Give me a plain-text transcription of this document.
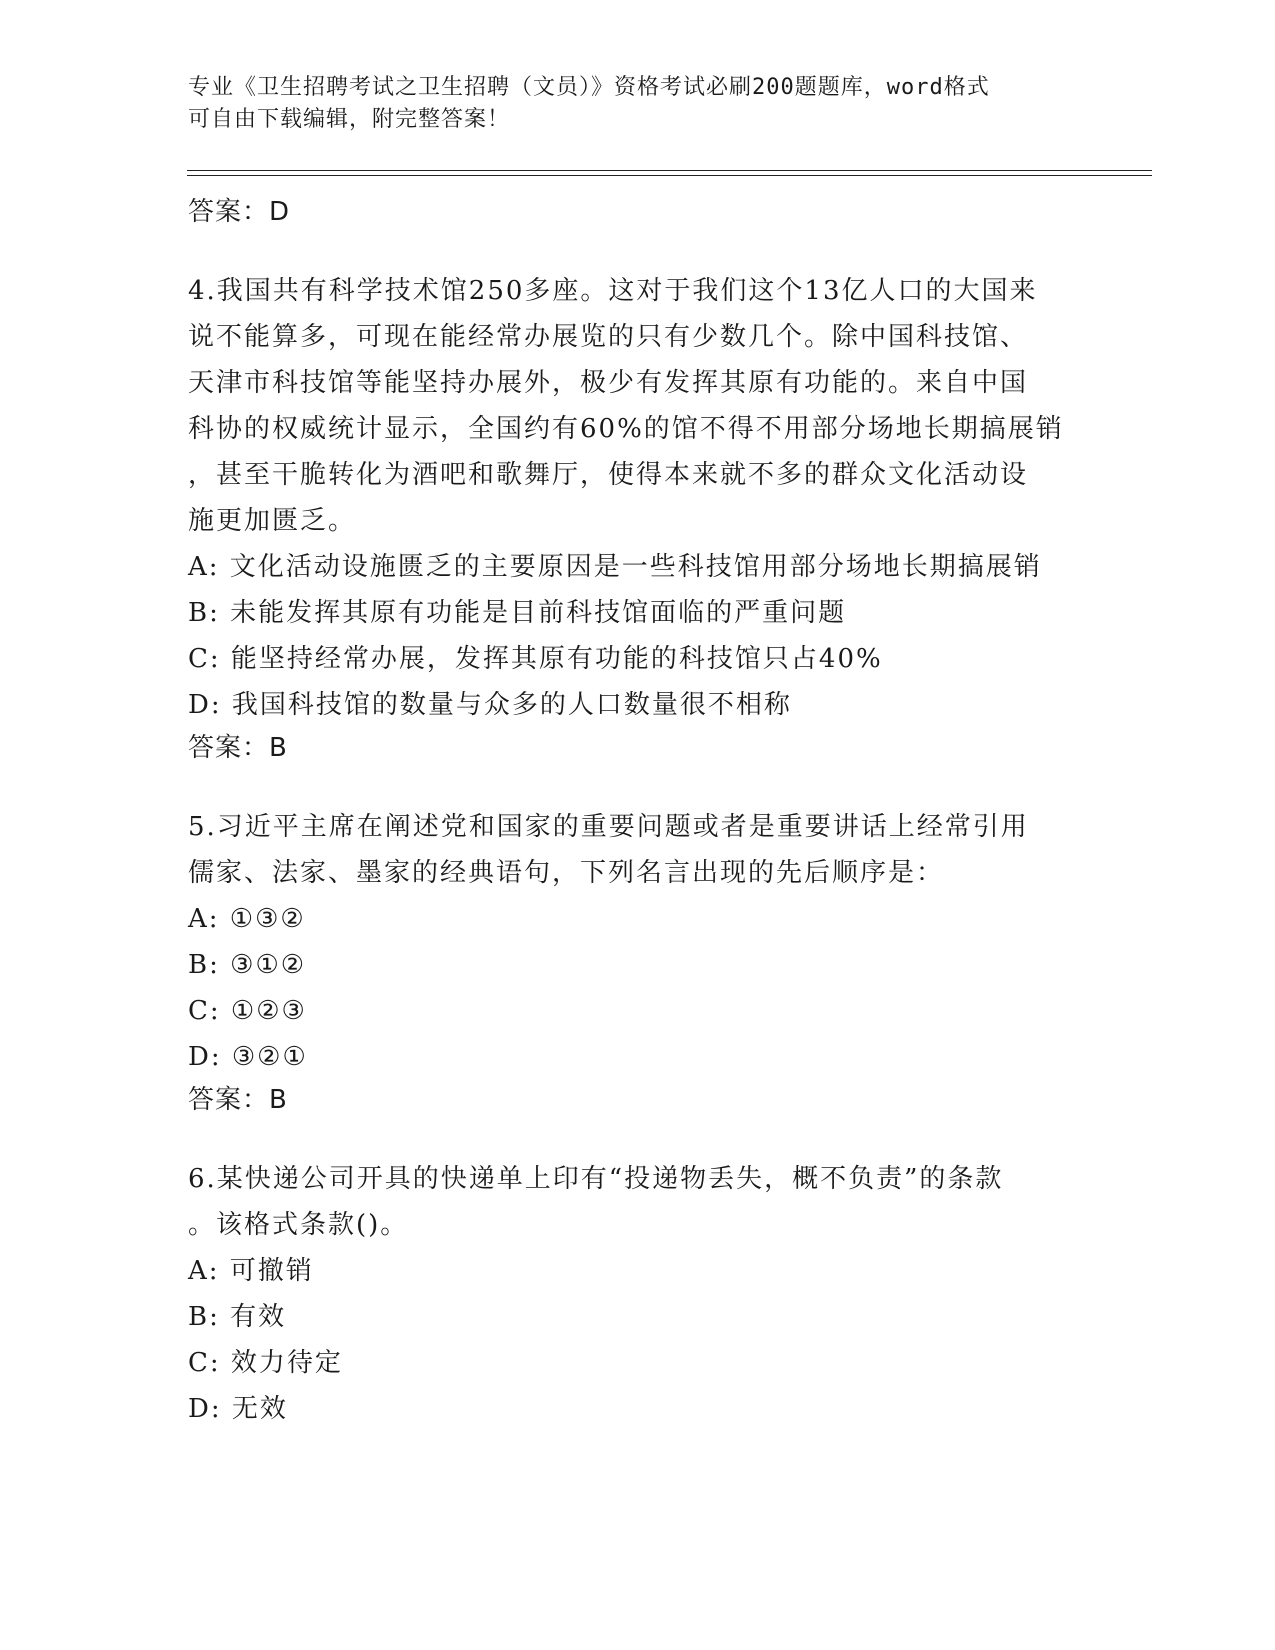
专业《卫生招聘考试之卫生招聘（文员）》资格考试必刷200题题库，word格式
可自由下载编辑，附完整答案！
答案：D
4.我国共有科学技术馆250多座。这对于我们这个13亿人口的大国来
说不能算多，可现在能经常办展览的只有少数几个。除中国科技馆、
天津市科技馆等能坚持办展外，极少有发挥其原有功能的。来自中国
科协的权威统计显示，全国约有60%的馆不得不用部分场地长期搞展销
，甚至干脆转化为酒吧和歌舞厅，使得本来就不多的群众文化活动设
施更加匮乏。
A: 文化活动设施匮乏的主要原因是一些科技馆用部分场地长期搞展销
B: 未能发挥其原有功能是目前科技馆面临的严重问题
C: 能坚持经常办展，发挥其原有功能的科技馆只占40%
D: 我国科技馆的数量与众多的人口数量很不相称
答案：B
5.习近平主席在阐述党和国家的重要问题或者是重要讲话上经常引用
儒家、法家、墨家的经典语句，下列名言出现的先后顺序是：
A: ①③②
B: ③①②
C: ①②③
D: ③②①
答案：B
6.某快递公司开具的快递单上印有“投递物丢失，概不负责”的条款
。该格式条款()。
A: 可撤销
B: 有效
C: 效力待定
D: 无效
